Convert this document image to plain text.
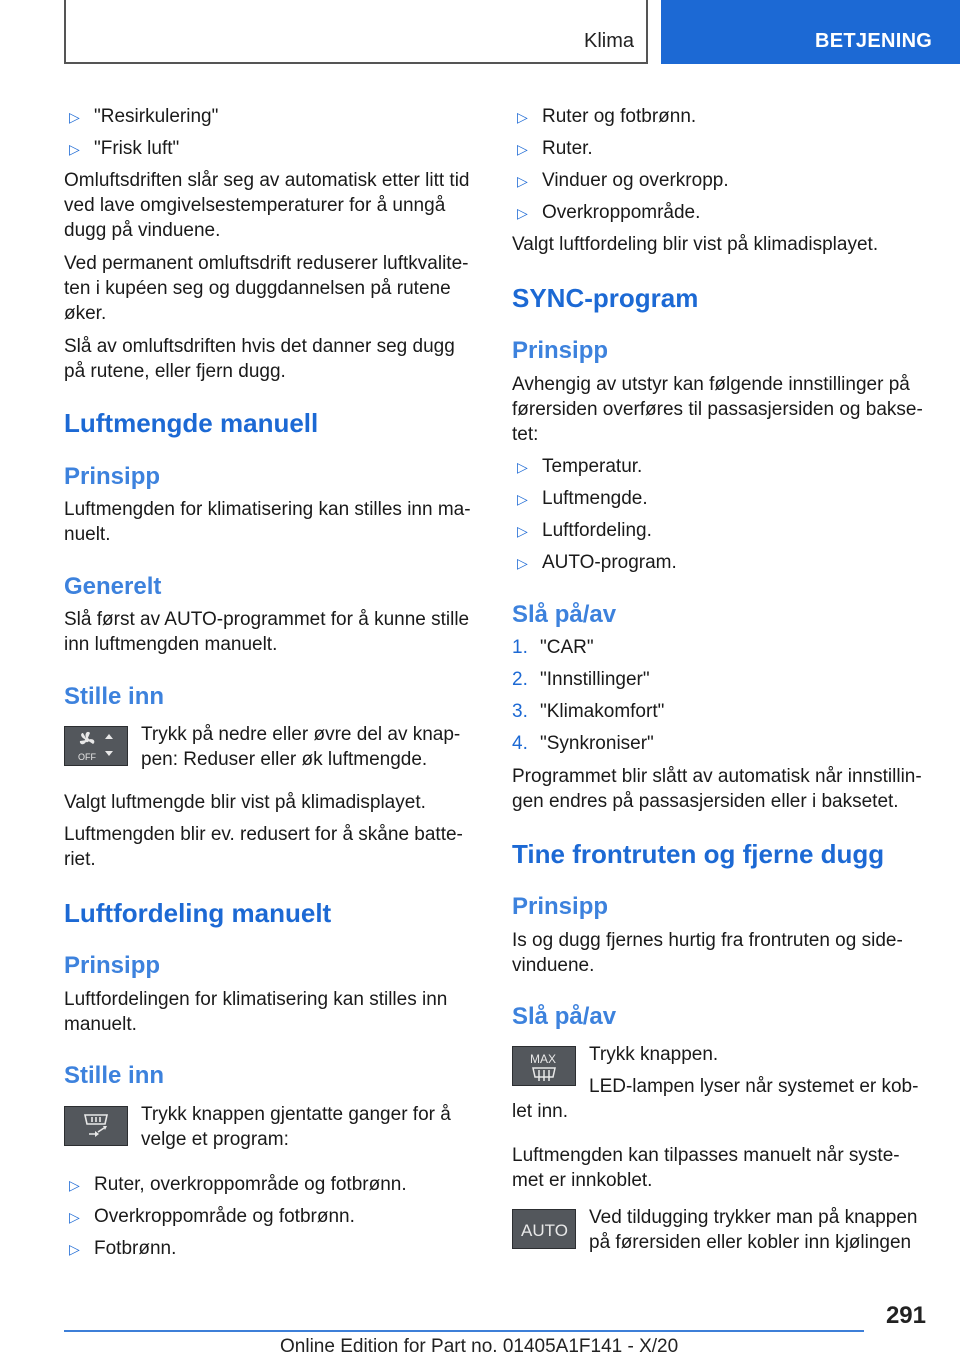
Klima	BETJENING
▷ "Resirkulering"
▷ "Frisk luft"

Omluftsdriften slår seg av automatisk etter litt tid

ved lave omgivelsestemperaturer for å unngå

dugg på vinduene.

Ved permanent omluftsdrift reduserer luftkvalite-

ten i kupéen seg og duggdannelsen på rutene

øker.

Slå av omluftsdriften hvis det danner seg dugg

på rutene, eller fjern dugg.

Luftmengde manuell
Prinsipp

Luftmengden for klimatisering kan stilles inn ma-

nuelt.

Generelt

Slå først av AUTO-programmet for å kunne stille

inn luftmengden manuelt.

Stille inn
OFF

Trykk på nedre eller øvre del av knap-

pen: Reduser eller øk luftmengde.

Valgt luftmengde blir vist på klimadisplayet.

Luftmengden blir ev. redusert for å skåne batte-

riet.

Luftfordeling manuelt
Prinsipp

Luftfordelingen for klimatisering kan stilles inn

manuelt.

Stille inn

Trykk knappen gjentatte ganger for å

velge et program:

▷ Ruter, overkroppområde og fotbrønn.
▷ Overkroppområde og fotbrønn.
▷ Fotbrønn.
▷ Ruter og fotbrønn.
▷ Ruter.
▷ Vinduer og overkropp.
▷ Overkroppområde.

Valgt luftfordeling blir vist på klimadisplayet.

SYNC-program
Prinsipp

Avhengig av utstyr kan følgende innstillinger på

førersiden overføres til passasjersiden og bakse-

tet:

▷ Temperatur.
▷ Luftmengde.
▷ Luftfordeling.
▷ AUTO-program.
Slå på/av
1. "CAR"
2. "Innstillinger"
3. "Klimakomfort"
4. "Synkroniser"

Programmet blir slått av automatisk når innstillin-

gen endres på passasjersiden eller i baksetet.

Tine frontruten og fjerne dugg
Prinsipp

Is og dugg fjernes hurtig fra frontruten og side-

vinduene.

Slå på/av
MAX Trykk knappen.

LED-lampen lyser når systemet er kob-

let inn.

Luftmengden kan tilpasses manuelt når syste-

met er innkoblet.

AUTO

Ved tildugging trykker man på knappen

på førersiden eller kobler inn kjølingen

291
Online Edition for Part no. 01405A1F141 - X/20
